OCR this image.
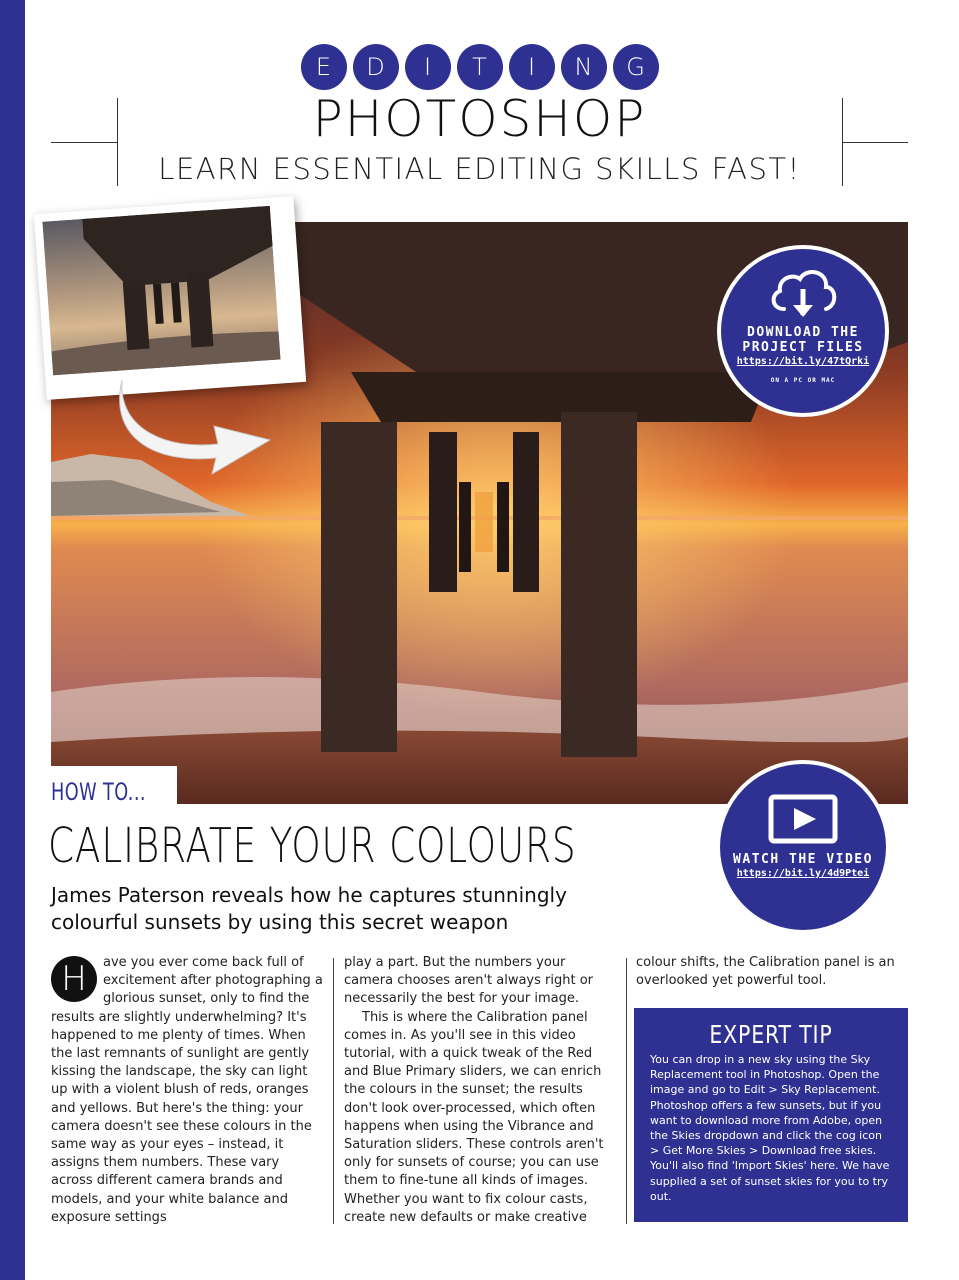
E	D	I	T	I	N	G
PHOTOSHOP
LEARN ESSENTIAL EDITING SKILLS FAST!
DOWNLOAD THE
PROJECT FILES
https://bit.ly/47tQrki
ON A PC OR MAC
WATCH THE VIDEO
https://bit.ly/4d9Ptei
HOW TO...
CALIBRATE YOUR COLOURS
James Paterson reveals how he captures stunningly colourful sunsets by using this secret weapon
H	ave you ever come back full of excitement after photographing a glorious sunset, only to find the results are slightly underwhelming? It's happened to me plenty of times. When the last remnants of sunlight are gently kissing the landscape, the sky can light up with a violent blush of reds, oranges and yellows. But here's the thing: your camera doesn't see these colours in the same way as your eyes – instead, it assigns them numbers. These vary across different camera brands and models, and your white balance and exposure settings

play a part. But the numbers your camera chooses aren't always right or necessarily the best for your image.

This is where the Calibration panel comes in. As you'll see in this video tutorial, with a quick tweak of the Red and Blue Primary sliders, we can enrich the colours in the sunset; the results don't look over-processed, which often happens when using the Vibrance and Saturation sliders. These controls aren't only for sunsets of course; you can use them to fine-tune all kinds of images. Whether you want to fix colour casts, create new defaults or make creative

colour shifts, the Calibration panel is an overlooked yet powerful tool.

EXPERT TIP
You can drop in a new sky using the Sky Replacement tool in Photoshop. Open the image and go to Edit > Sky Replacement. Photoshop offers a few sunsets, but if you want to download more from Adobe, open the Skies dropdown and click the cog icon > Get More Skies > Download free skies. You'll also find 'Import Skies' here. We have supplied a set of sunset skies for you to try out.
